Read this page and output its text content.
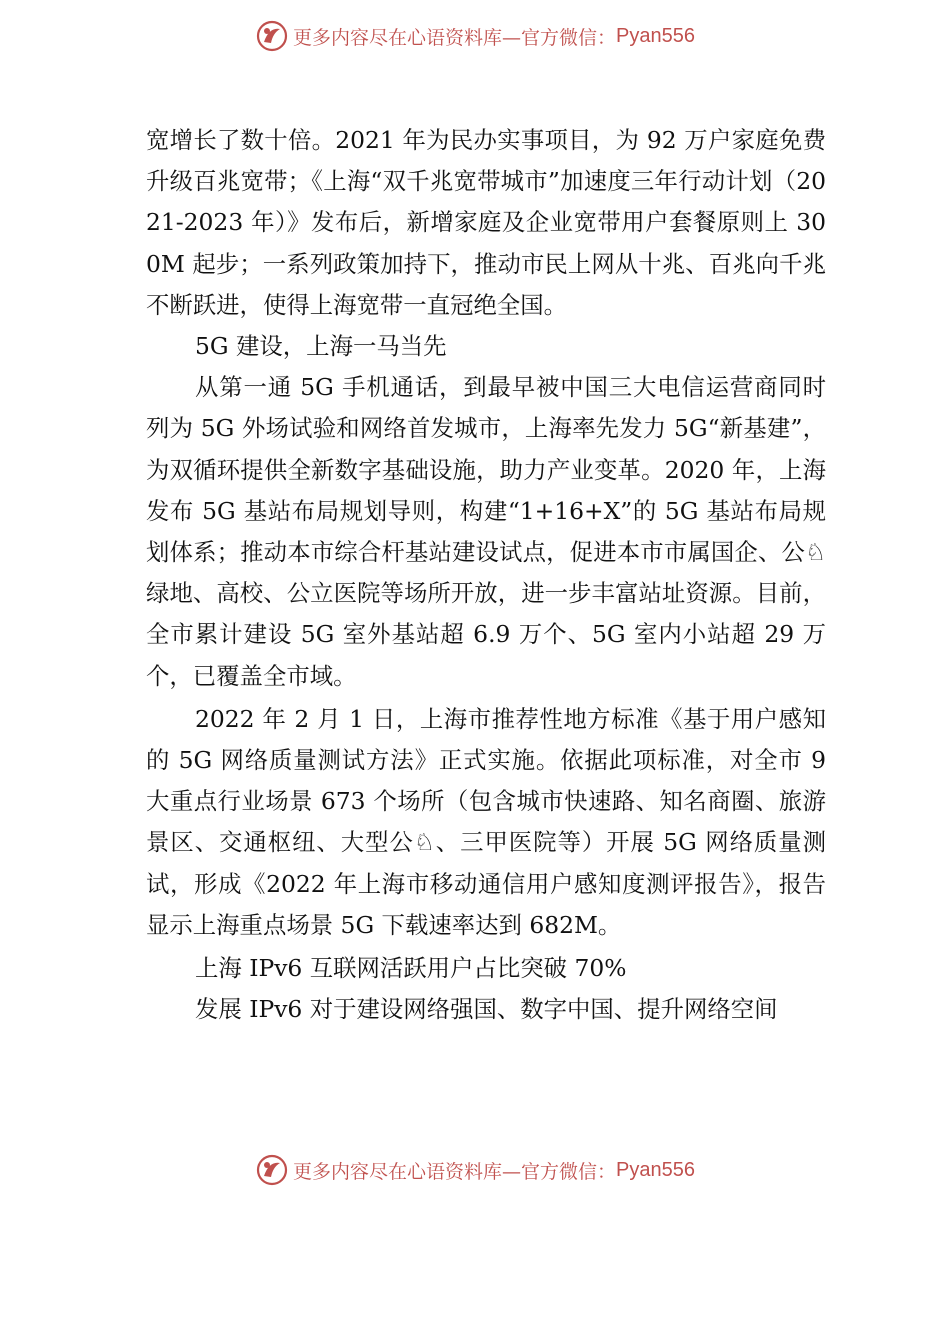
更多内容尽在心语资料库—官方微信： Pyan556

宽增长了数十倍。2021 年为民办实事项目，为 92 万户家庭免费升级百兆宽带；《上海“双千兆宽带城市”加速度三年行动计划（2021-2023 年）》发布后，新增家庭及企业宽带用户套餐原则上 300M 起步；一系列政策加持下，推动市民上网从十兆、百兆向千兆不断跃进，使得上海宽带一直冠绝全国。

5G 建设，上海一马当先

从第一通 5G 手机通话，到最早被中国三大电信运营商同时列为 5G 外场试验和网络首发城市，上海率先发力 5G“新基建”，为双循环提供全新数字基础设施，助力产业变革。2020 年，上海发布 5G 基站布局规划导则，构建“1+16+X”的 5G 基站布局规划体系；推动本市综合杆基站建设试点，促进本市市属国企、公♘绿地、高校、公立医院等场所开放，进一步丰富站址资源。目前，全市累计建设 5G 室外基站超 6.9 万个、5G 室内小站超 29 万个，已覆盖全市域。

2022 年 2 月 1 日，上海市推荐性地方标准《基于用户感知的 5G 网络质量测试方法》正式实施。依据此项标准，对全市 9 大重点行业场景 673 个场所（包含城市快速路、知名商圈、旅游景区、交通枢纽、大型公♘、三甲医院等）开展 5G 网络质量测试，形成《2022 年上海市移动通信用户感知度测评报告》，报告显示上海重点场景 5G 下载速率达到 682M。

上海 IPv6 互联网活跃用户占比突破 70%

发展 IPv6 对于建设网络强国、数字中国、提升网络空间

更多内容尽在心语资料库—官方微信： Pyan556
